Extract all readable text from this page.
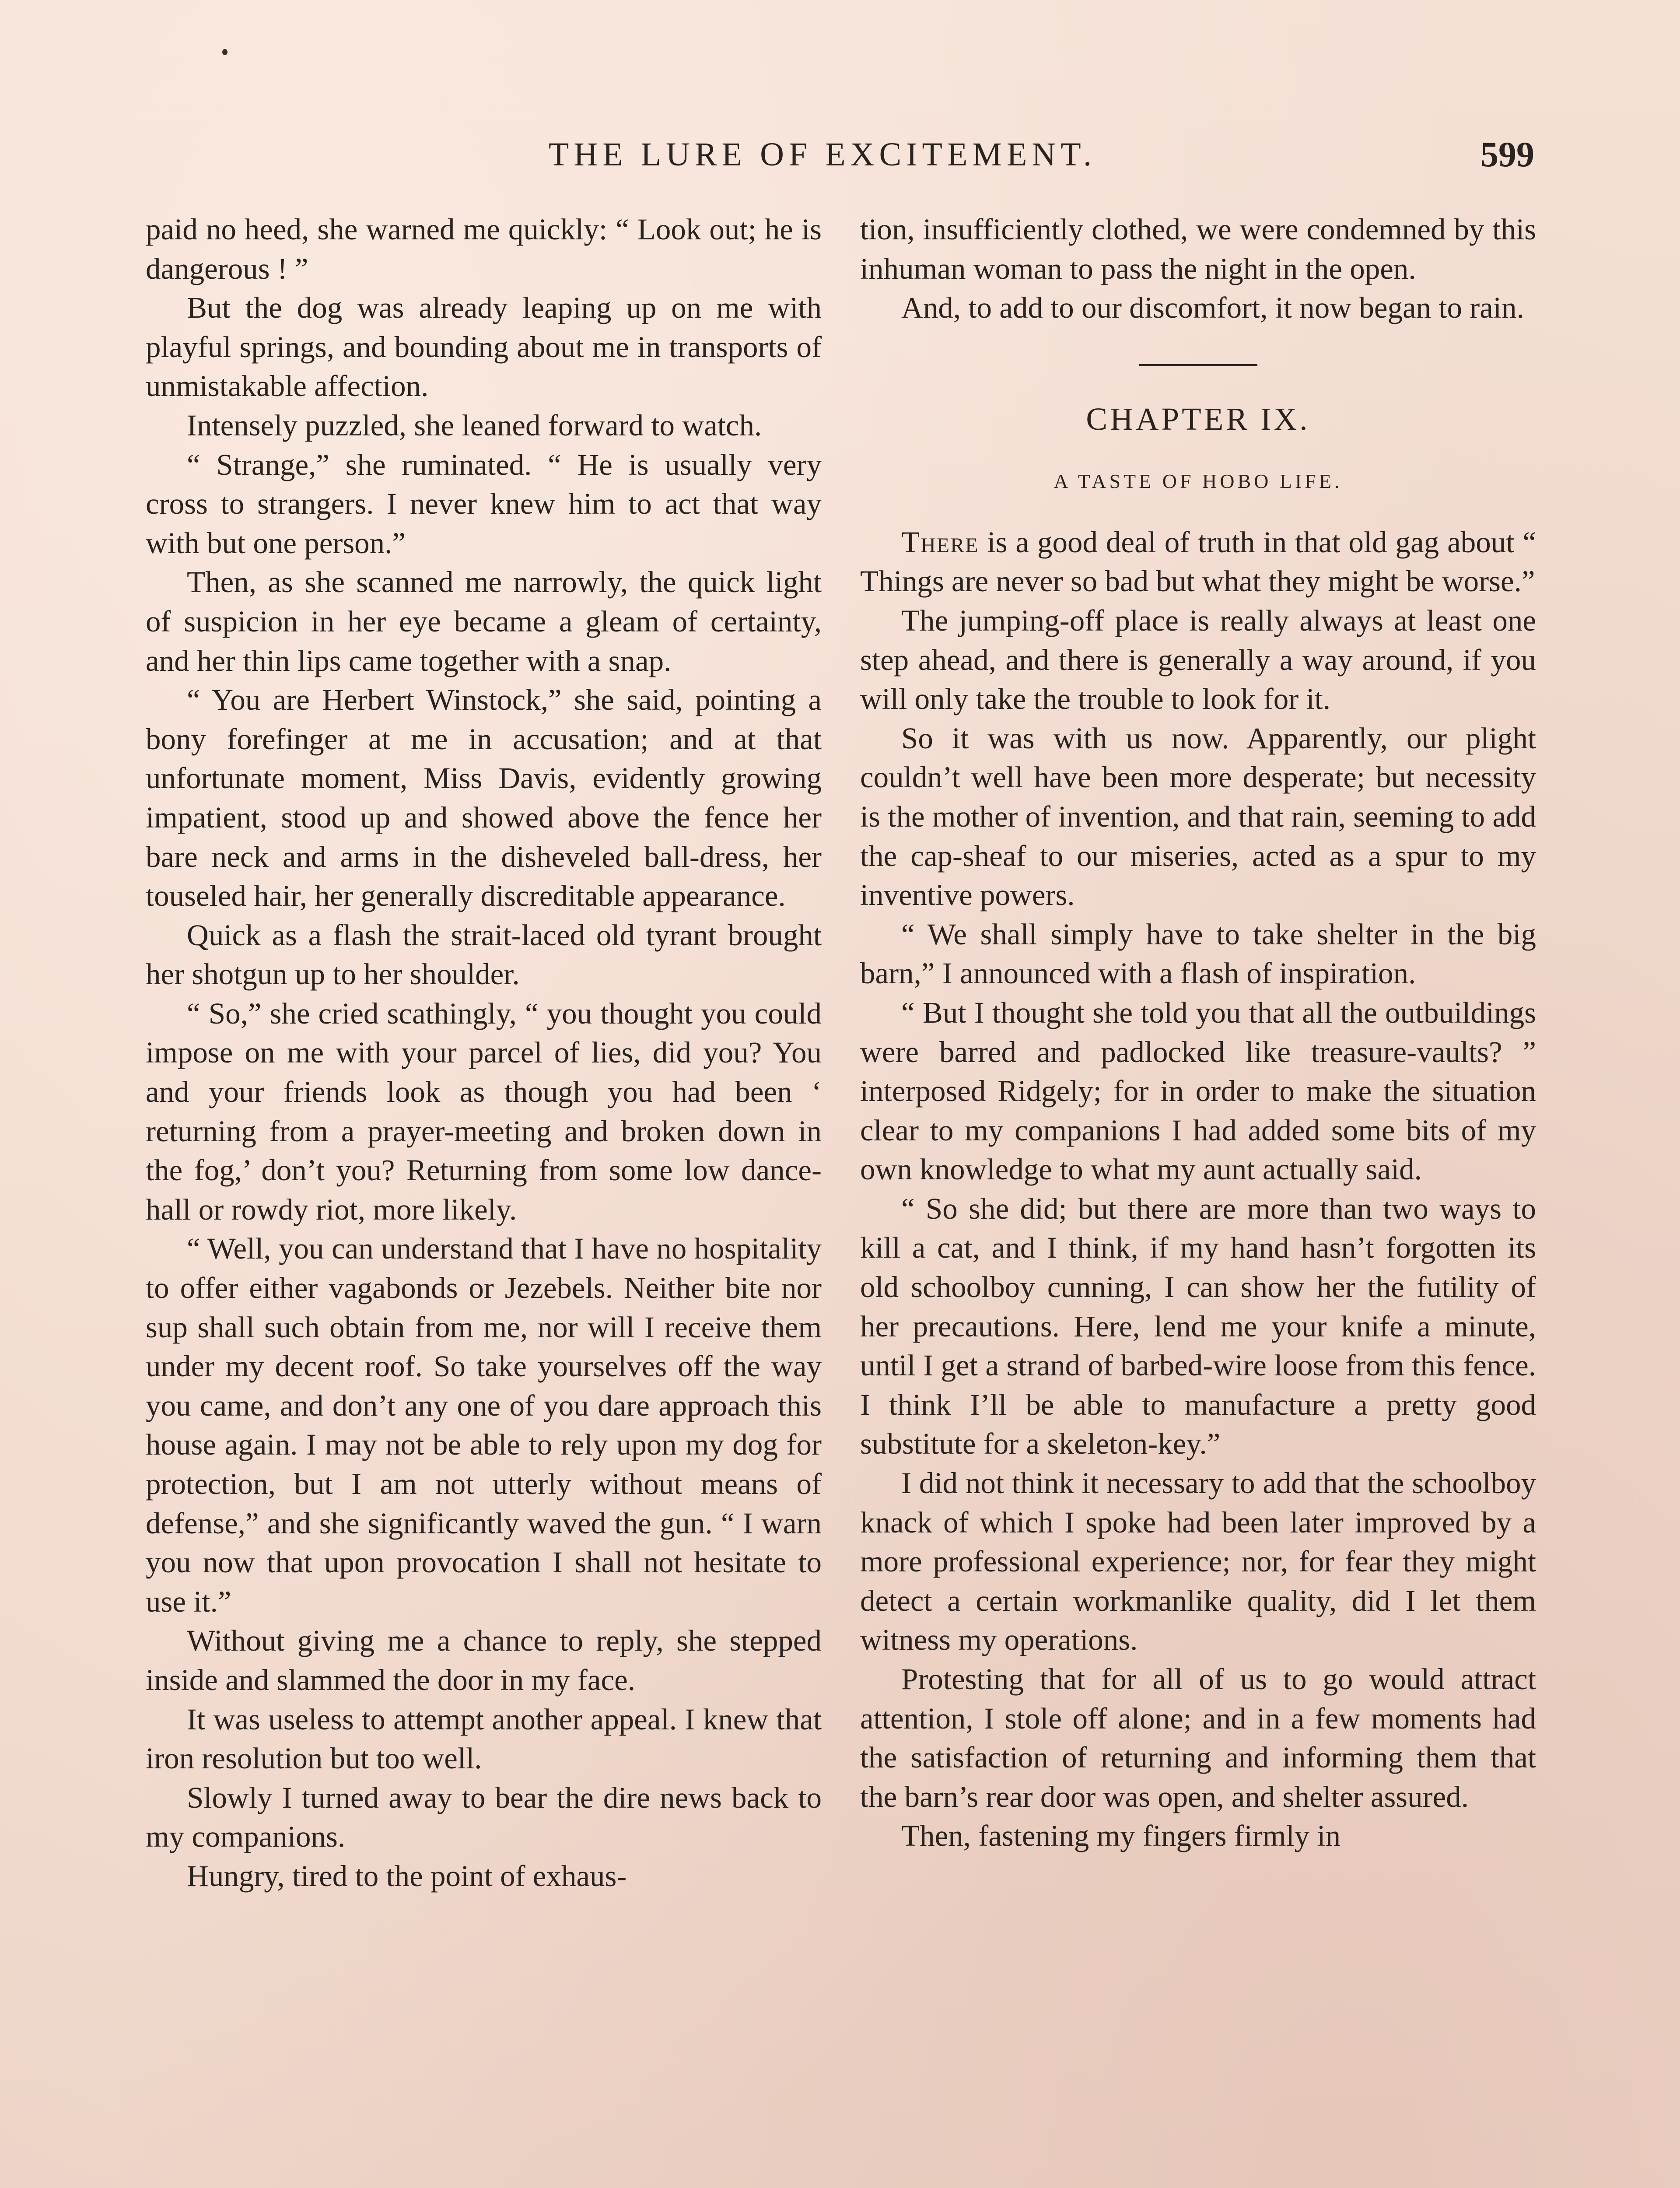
THE LURE OF EXCITEMENT.	599

paid no heed, she warned me quickly: “ Look out; he is dangerous ! ”

But the dog was already leaping up on me with playful springs, and bounding about me in transports of unmistakable affection.

Intensely puzzled, she leaned forward to watch.

“ Strange,” she ruminated. “ He is usually very cross to strangers. I never knew him to act that way with but one person.”

Then, as she scanned me narrowly, the quick light of suspicion in her eye became a gleam of certainty, and her thin lips came together with a snap.

“ You are Herbert Winstock,” she said, pointing a bony forefinger at me in accusation; and at that unfortunate moment, Miss Davis, evidently growing impatient, stood up and showed above the fence her bare neck and arms in the disheveled ball-dress, her touseled hair, her generally discreditable appearance.

Quick as a flash the strait-laced old tyrant brought her shotgun up to her shoulder.

“ So,” she cried scathingly, “ you thought you could impose on me with your parcel of lies, did you? You and your friends look as though you had been ‘ returning from a prayer-meeting and broken down in the fog,’ don’t you? Returning from some low dance-hall or rowdy riot, more likely.

“ Well, you can understand that I have no hospitality to offer either vagabonds or Jezebels. Neither bite nor sup shall such obtain from me, nor will I receive them under my decent roof. So take yourselves off the way you came, and don’t any one of you dare approach this house again. I may not be able to rely upon my dog for protection, but I am not utterly without means of defense,” and she significantly waved the gun. “ I warn you now that upon provocation I shall not hesitate to use it.”

Without giving me a chance to reply, she stepped inside and slammed the door in my face.

It was useless to attempt another appeal. I knew that iron resolution but too well.

Slowly I turned away to bear the dire news back to my companions.

Hungry, tired to the point of exhaus-

tion, insufficiently clothed, we were condemned by this inhuman woman to pass the night in the open.

And, to add to our discomfort, it now began to rain.

CHAPTER IX.
A TASTE OF HOBO LIFE.

There is a good deal of truth in that old gag about “ Things are never so bad but what they might be worse.”

The jumping-off place is really always at least one step ahead, and there is generally a way around, if you will only take the trouble to look for it.

So it was with us now. Apparently, our plight couldn’t well have been more desperate; but necessity is the mother of invention, and that rain, seeming to add the cap-sheaf to our miseries, acted as a spur to my inventive powers.

“ We shall simply have to take shelter in the big barn,” I announced with a flash of inspiration.

“ But I thought she told you that all the outbuildings were barred and padlocked like treasure-vaults? ” interposed Ridgely; for in order to make the situation clear to my companions I had added some bits of my own knowledge to what my aunt actually said.

“ So she did; but there are more than two ways to kill a cat, and I think, if my hand hasn’t forgotten its old schoolboy cunning, I can show her the futility of her precautions. Here, lend me your knife a minute, until I get a strand of barbed-wire loose from this fence. I think I’ll be able to manufacture a pretty good substitute for a skeleton-key.”

I did not think it necessary to add that the schoolboy knack of which I spoke had been later improved by a more professional experience; nor, for fear they might detect a certain workmanlike quality, did I let them witness my operations.

Protesting that for all of us to go would attract attention, I stole off alone; and in a few moments had the satisfaction of returning and informing them that the barn’s rear door was open, and shelter assured.

Then, fastening my fingers firmly in
